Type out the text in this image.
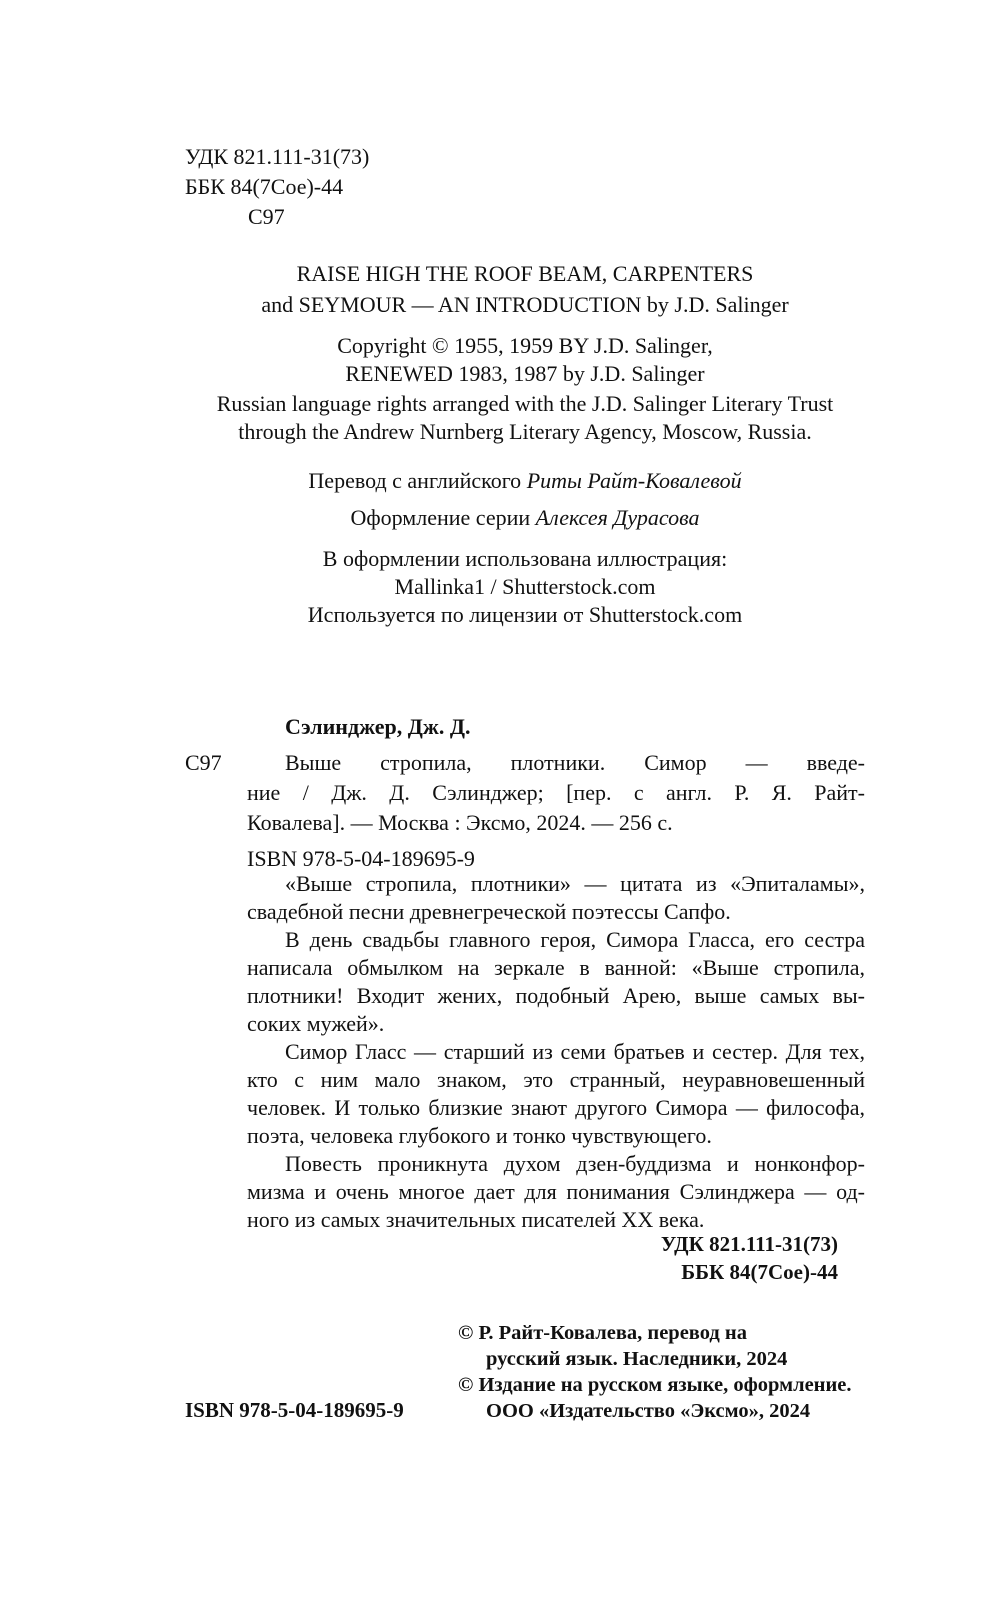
УДК 821.111-31(73)
ББК 84(7Сое)-44
С97
RAISE HIGH THE ROOF BEAM, CARPENTERS
and SEYMOUR — AN INTRODUCTION by J.D. Salinger
Copyright © 1955, 1959 BY J.D. Salinger,
RENEWED 1983, 1987 by J.D. Salinger
Russian language rights arranged with the J.D. Salinger Literary Trust
through the Andrew Nurnberg Literary Agency, Moscow, Russia.
Перевод с английского Риты Райт-Ковалевой
Оформление серии Алексея Дурасова
В оформлении использована иллюстрация:
Mallinka1 / Shutterstock.com
Используется по лицензии от Shutterstock.com
Сэлинджер, Дж. Д.
С97	Выше стропила, плотники. Симор — введе-
ние / Дж. Д. Сэлинджер; [пер. с англ. Р. Я. Райт-
Ковалева]. — Москва : Эксмо, 2024. — 256 с.
ISBN 978-5-04-189695-9
«Выше стропила, плотники» — цитата из «Эпиталамы»,
свадебной песни древнегреческой поэтессы Сапфо.
В день свадьбы главного героя, Симора Гласса, его сестра
написала обмылком на зеркале в ванной: «Выше стропила,
плотники! Входит жених, подобный Арею, выше самых вы-
соких мужей».
Симор Гласс — старший из семи братьев и сестер. Для тех,
кто с ним мало знаком, это странный, неуравновешенный
человек. И только близкие знают другого Симора — философа,
поэта, человека глубокого и тонко чувствующего.
Повесть проникнута духом дзен-буддизма и нонконфор-
мизма и очень многое дает для понимания Сэлинджера — од-
ного из самых значительных писателей XX века.
УДК 821.111-31(73)
ББК 84(7Сое)-44
© Р. Райт-Ковалева, перевод на
русский язык. Наследники, 2024
© Издание на русском языке, оформление.
ООО «Издательство «Эксмо», 2024
ISBN 978-5-04-189695-9
